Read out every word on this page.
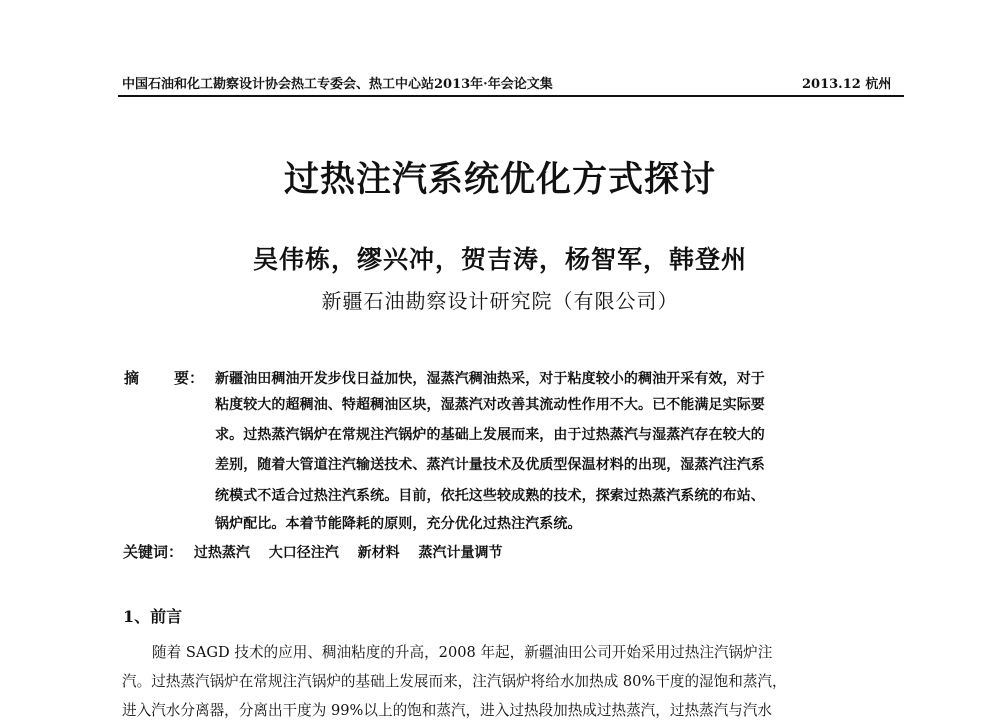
中国石油和化工勘察设计协会热工专委会、热工中心站2013年·年会论文集	2013.12 杭州
过热注汽系统优化方式探讨
吴伟栋，缪兴冲，贺吉涛，杨智军，韩登州
新疆石油勘察设计研究院（有限公司）
摘 要： 新疆油田稠油开发步伐日益加快，湿蒸汽稠油热采，对于粘度较小的稠油开采有效，对于
粘度较大的超稠油、特超稠油区块，湿蒸汽对改善其流动性作用不大。已不能满足实际要
求。过热蒸汽锅炉在常规注汽锅炉的基础上发展而来，由于过热蒸汽与湿蒸汽存在较大的
差别，随着大管道注汽输送技术、蒸汽计量技术及优质型保温材料的出现，湿蒸汽注汽系
统模式不适合过热注汽系统。目前，依托这些较成熟的技术，探索过热蒸汽系统的布站、
锅炉配比。本着节能降耗的原则，充分优化过热注汽系统。
关键词： 过热蒸汽 大口径注汽 新材料 蒸汽计量调节
1、前言
随着 SAGD 技术的应用、稠油粘度的升高，2008 年起，新疆油田公司开始采用过热注汽锅炉注
汽。过热蒸汽锅炉在常规注汽锅炉的基础上发展而来，注汽锅炉将给水加热成 80%干度的湿饱和蒸汽，
进入汽水分离器，分离出干度为 99%以上的饱和蒸汽，进入过热段加热成过热蒸汽，过热蒸汽与汽水
